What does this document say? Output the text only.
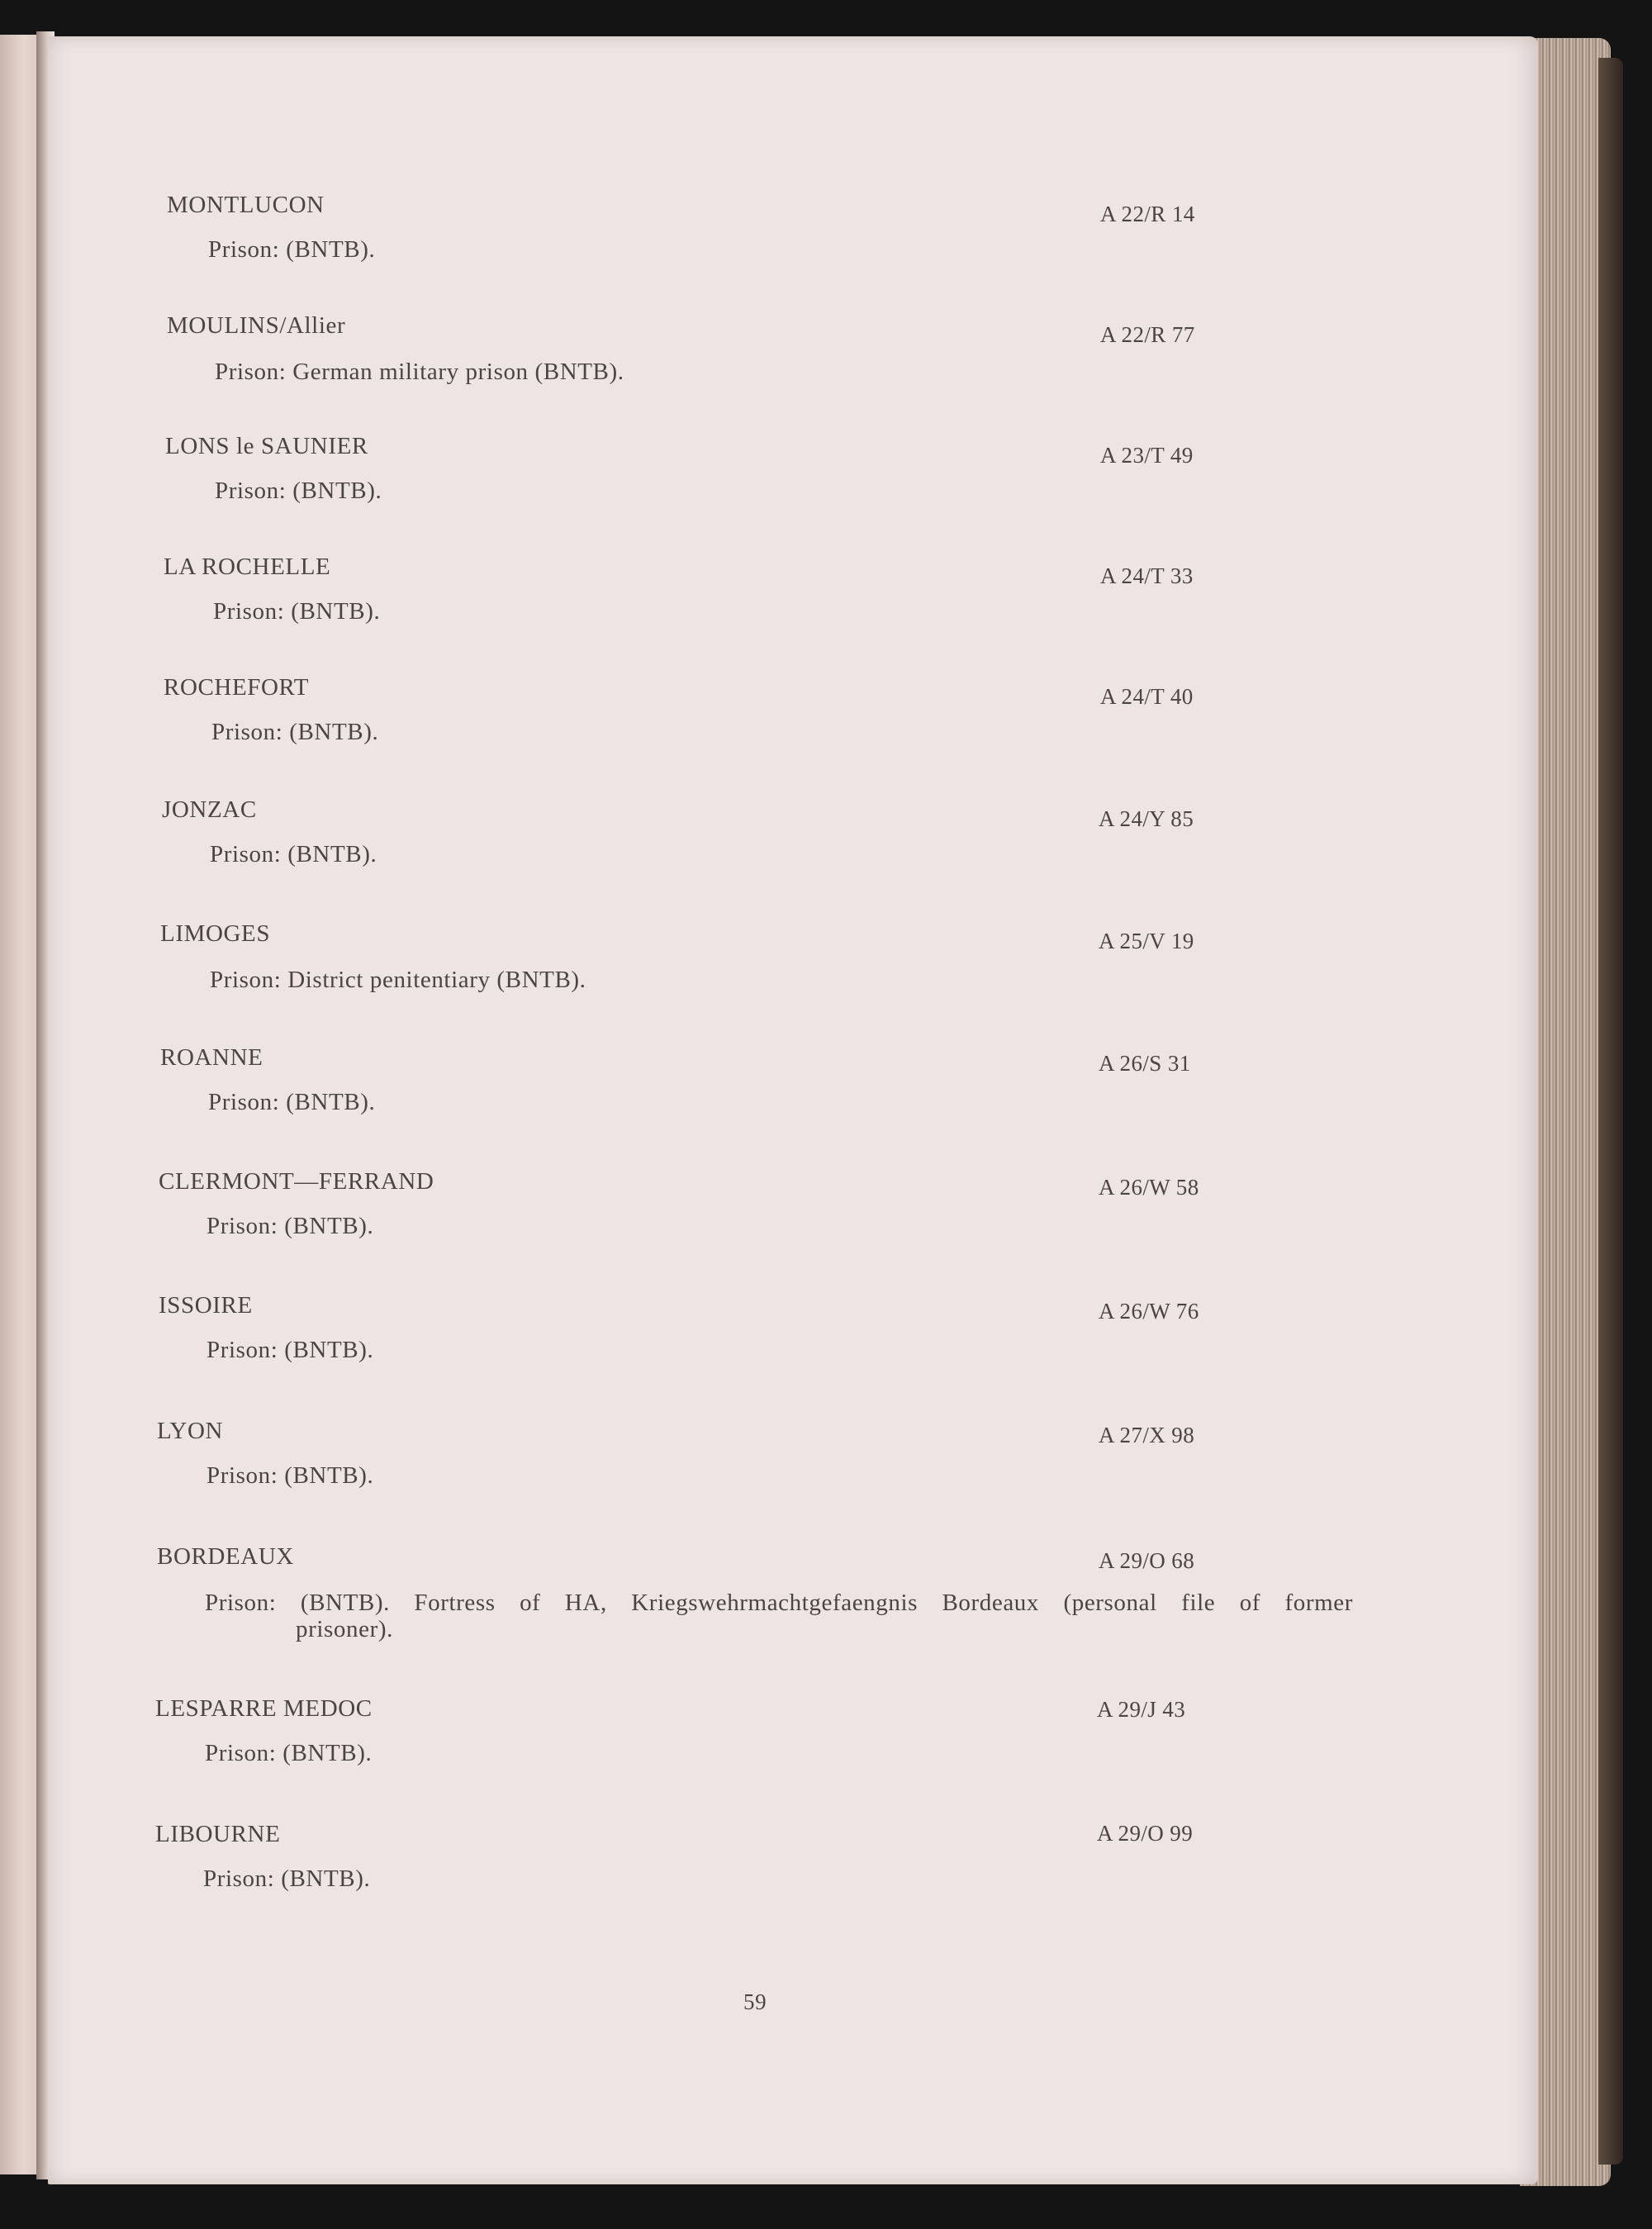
MONTLUCON	A 22/R 14
Prison: (BNTB).
MOULINS/Allier	A 22/R 77
Prison: German military prison (BNTB).
LONS le SAUNIER	A 23/T 49
Prison: (BNTB).
LA ROCHELLE	A 24/T 33
Prison: (BNTB).
ROCHEFORT	A 24/T 40
Prison: (BNTB).
JONZAC	A 24/Y 85
Prison: (BNTB).
LIMOGES	A 25/V 19
Prison: District penitentiary (BNTB).
ROANNE	A 26/S 31
Prison: (BNTB).
CLERMONT—FERRAND	A 26/W 58
Prison: (BNTB).
ISSOIRE	A 26/W 76
Prison: (BNTB).
LYON	A 27/X 98
Prison: (BNTB).
BORDEAUX	A 29/O 68
Prison: (BNTB). Fortress of HA, Kriegswehrmachtgefaengnis Bordeaux (personal file of former
prisoner).
LESPARRE MEDOC	A 29/J 43
Prison: (BNTB).
LIBOURNE	A 29/O 99
Prison: (BNTB).
59
